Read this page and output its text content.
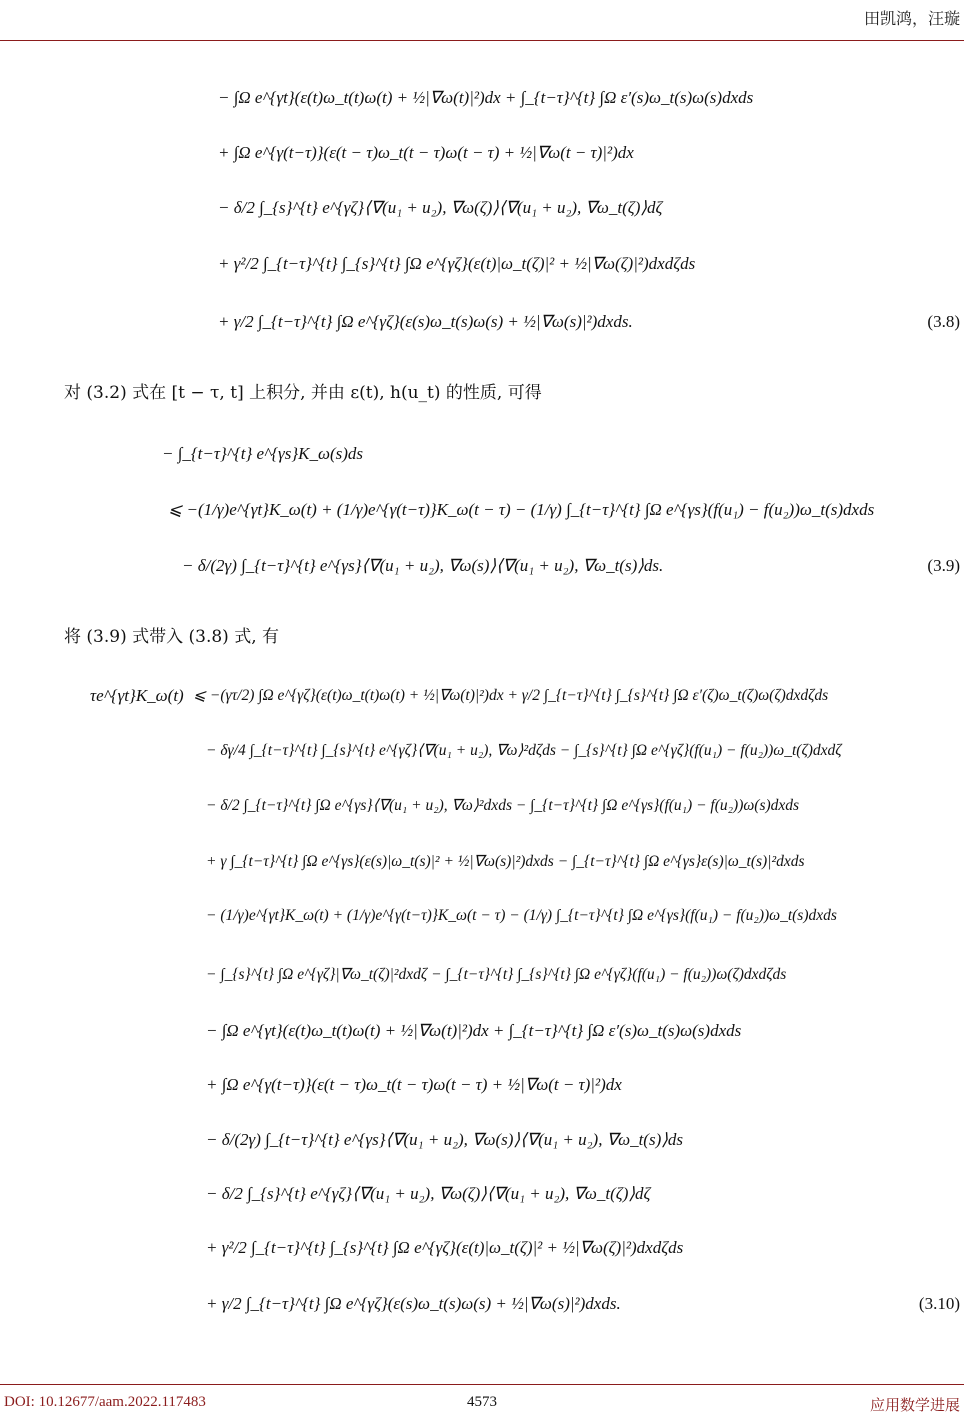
田凯鸿，汪璇
− ∫Ω e^{γt}(ε(t)ω_t(t)ω(t) + ½|∇ω(t)|²)dx + ∫_{t−τ}^{t} ∫Ω ε′(s)ω_t(s)ω(s)dxds
+ ∫Ω e^{γ(t−τ)}(ε(t − τ)ω_t(t − τ)ω(t − τ) + ½|∇ω(t − τ)|²)dx
− δ/2 ∫_{s}^{t} e^{γζ}⟨∇(u₁ + u₂), ∇ω(ζ)⟩⟨∇(u₁ + u₂), ∇ω_t(ζ)⟩dζ
+ γ²/2 ∫_{t−τ}^{t} ∫_{s}^{t} ∫Ω e^{γζ}(ε(t)|ω_t(ζ)|² + ½|∇ω(ζ)|²)dxdζds
+ γ/2 ∫_{t−τ}^{t} ∫Ω e^{γζ}(ε(s)ω_t(s)ω(s) + ½|∇ω(s)|²)dxds.	(3.8)
对 (3.2) 式在 [t − τ, t] 上积分, 并由 ε(t), h(u_t) 的性质, 可得
− ∫_{t−τ}^{t} e^{γs}K_ω(s)ds
⩽ −(1/γ)e^{γt}K_ω(t) + (1/γ)e^{γ(t−τ)}K_ω(t − τ) − (1/γ) ∫_{t−τ}^{t} ∫Ω e^{γs}(f(u₁) − f(u₂))ω_t(s)dxds
− δ/(2γ) ∫_{t−τ}^{t} e^{γs}⟨∇(u₁ + u₂), ∇ω(s)⟩⟨∇(u₁ + u₂), ∇ω_t(s)⟩ds.	(3.9)
将 (3.9) 式带入 (3.8) 式, 有
τe^{γt}K_ω(t) ⩽ −(γτ/2) ∫Ω e^{γζ}(ε(t)ω_t(t)ω(t) + ½|∇ω(t)|²)dx + γ/2 ∫_{t−τ}^{t} ∫_{s}^{t} ∫Ω ε′(ζ)ω_t(ζ)ω(ζ)dxdζds
− δγ/4 ∫_{t−τ}^{t} ∫_{s}^{t} e^{γζ}⟨∇(u₁ + u₂), ∇ω⟩²dζds − ∫_{s}^{t} ∫Ω e^{γζ}(f(u₁) − f(u₂))ω_t(ζ)dxdζ
− δ/2 ∫_{t−τ}^{t} ∫Ω e^{γs}⟨∇(u₁ + u₂), ∇ω⟩²dxds − ∫_{t−τ}^{t} ∫Ω e^{γs}(f(u₁) − f(u₂))ω(s)dxds
+ γ ∫_{t−τ}^{t} ∫Ω e^{γs}(ε(s)|ω_t(s)|² + ½|∇ω(s)|²)dxds − ∫_{t−τ}^{t} ∫Ω e^{γs}ε(s)|ω_t(s)|²dxds
− (1/γ)e^{γt}K_ω(t) + (1/γ)e^{γ(t−τ)}K_ω(t − τ) − (1/γ) ∫_{t−τ}^{t} ∫Ω e^{γs}(f(u₁) − f(u₂))ω_t(s)dxds
− ∫_{s}^{t} ∫Ω e^{γζ}|∇ω_t(ζ)|²dxdζ − ∫_{t−τ}^{t} ∫_{s}^{t} ∫Ω e^{γζ}(f(u₁) − f(u₂))ω(ζ)dxdζds
− ∫Ω e^{γt}(ε(t)ω_t(t)ω(t) + ½|∇ω(t)|²)dx + ∫_{t−τ}^{t} ∫Ω ε′(s)ω_t(s)ω(s)dxds
+ ∫Ω e^{γ(t−τ)}(ε(t − τ)ω_t(t − τ)ω(t − τ) + ½|∇ω(t − τ)|²)dx
− δ/(2γ) ∫_{t−τ}^{t} e^{γs}⟨∇(u₁ + u₂), ∇ω(s)⟩⟨∇(u₁ + u₂), ∇ω_t(s)⟩ds
− δ/2 ∫_{s}^{t} e^{γζ}⟨∇(u₁ + u₂), ∇ω(ζ)⟩⟨∇(u₁ + u₂), ∇ω_t(ζ)⟩dζ
+ γ²/2 ∫_{t−τ}^{t} ∫_{s}^{t} ∫Ω e^{γζ}(ε(t)|ω_t(ζ)|² + ½|∇ω(ζ)|²)dxdζds
+ γ/2 ∫_{t−τ}^{t} ∫Ω e^{γζ}(ε(s)ω_t(s)ω(s) + ½|∇ω(s)|²)dxds.	(3.10)
DOI: 10.12677/aam.2022.117483	4573	应用数学进展
